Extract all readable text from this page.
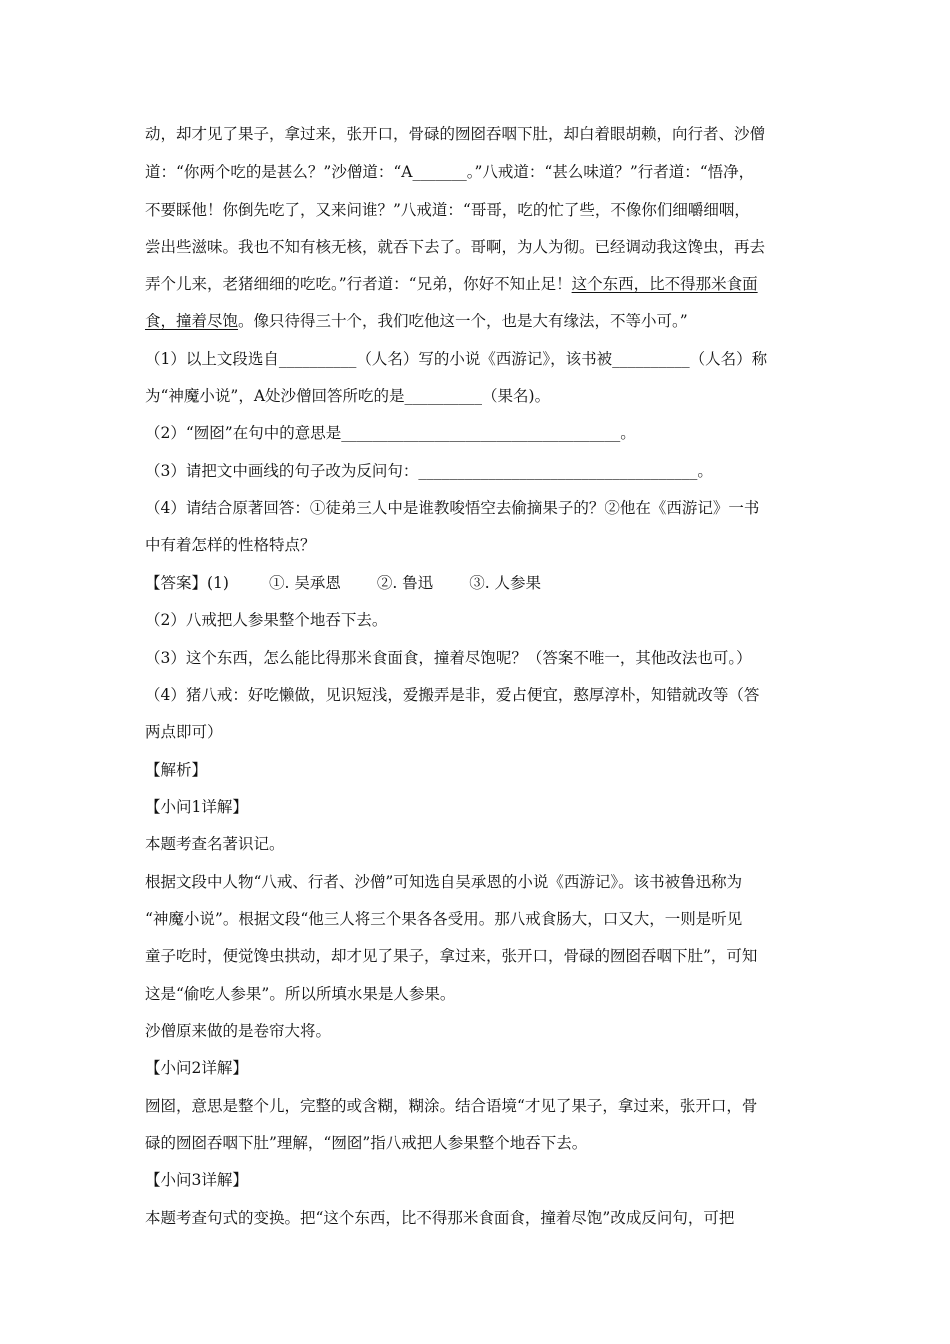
动，却才见了果子，拿过来，张开口，骨碌的囫囵吞咽下肚，却白着眼胡赖，向行者、沙僧
道：“你两个吃的是甚么？”沙僧道：“A_______。”八戒道：“甚么味道？”行者道：“悟净，
不要睬他！你倒先吃了，又来问谁？”八戒道：“哥哥，吃的忙了些，不像你们细嚼细咽，
尝出些滋味。我也不知有核无核，就吞下去了。哥啊，为人为彻。已经调动我这馋虫，再去
弄个儿来，老猪细细的吃吃。”行者道：“兄弟，你好不知止足！这个东西，比不得那米食面
食，撞着尽饱。像只待得三十个，我们吃他这一个，也是大有缘法，不等小可。”
（1）以上文段选自__________（人名）写的小说《西游记》，该书被__________（人名）称
为“神魔小说”，A处沙僧回答所吃的是__________（果名)。
（2）“囫囵”在句中的意思是____________________________________。
（3）请把文中画线的句子改为反问句：____________________________________。
（4）请结合原著回答：①徒弟三人中是谁教唆悟空去偷摘果子的？②他在《西游记》一书
中有着怎样的性格特点？
【答案】(1)	①. 吴承恩 ②. 鲁迅 ③. 人参果
（2）八戒把人参果整个地吞下去。
（3）这个东西，怎么能比得那米食面食，撞着尽饱呢？（答案不唯一，其他改法也可。）
（4）猪八戒：好吃懒做，见识短浅，爱搬弄是非，爱占便宜，憨厚淳朴，知错就改等（答
两点即可）
【解析】
【小问1详解】
本题考查名著识记。
根据文段中人物“八戒、行者、沙僧”可知选自吴承恩的小说《西游记》。该书被鲁迅称为
“神魔小说”。根据文段“他三人将三个果各各受用。那八戒食肠大，口又大，一则是听见
童子吃时，便觉馋虫拱动，却才见了果子，拿过来，张开口，骨碌的囫囵吞咽下肚”，可知
这是“偷吃人参果”。所以所填水果是人参果。
沙僧原来做的是卷帘大将。
【小问2详解】
囫囵，意思是整个儿，完整的或含糊，糊涂。结合语境“才见了果子，拿过来，张开口，骨
碌的囫囵吞咽下肚”理解，“囫囵”指八戒把人参果整个地吞下去。
【小问3详解】
本题考查句式的变换。把“这个东西，比不得那米食面食，撞着尽饱”改成反问句，可把
